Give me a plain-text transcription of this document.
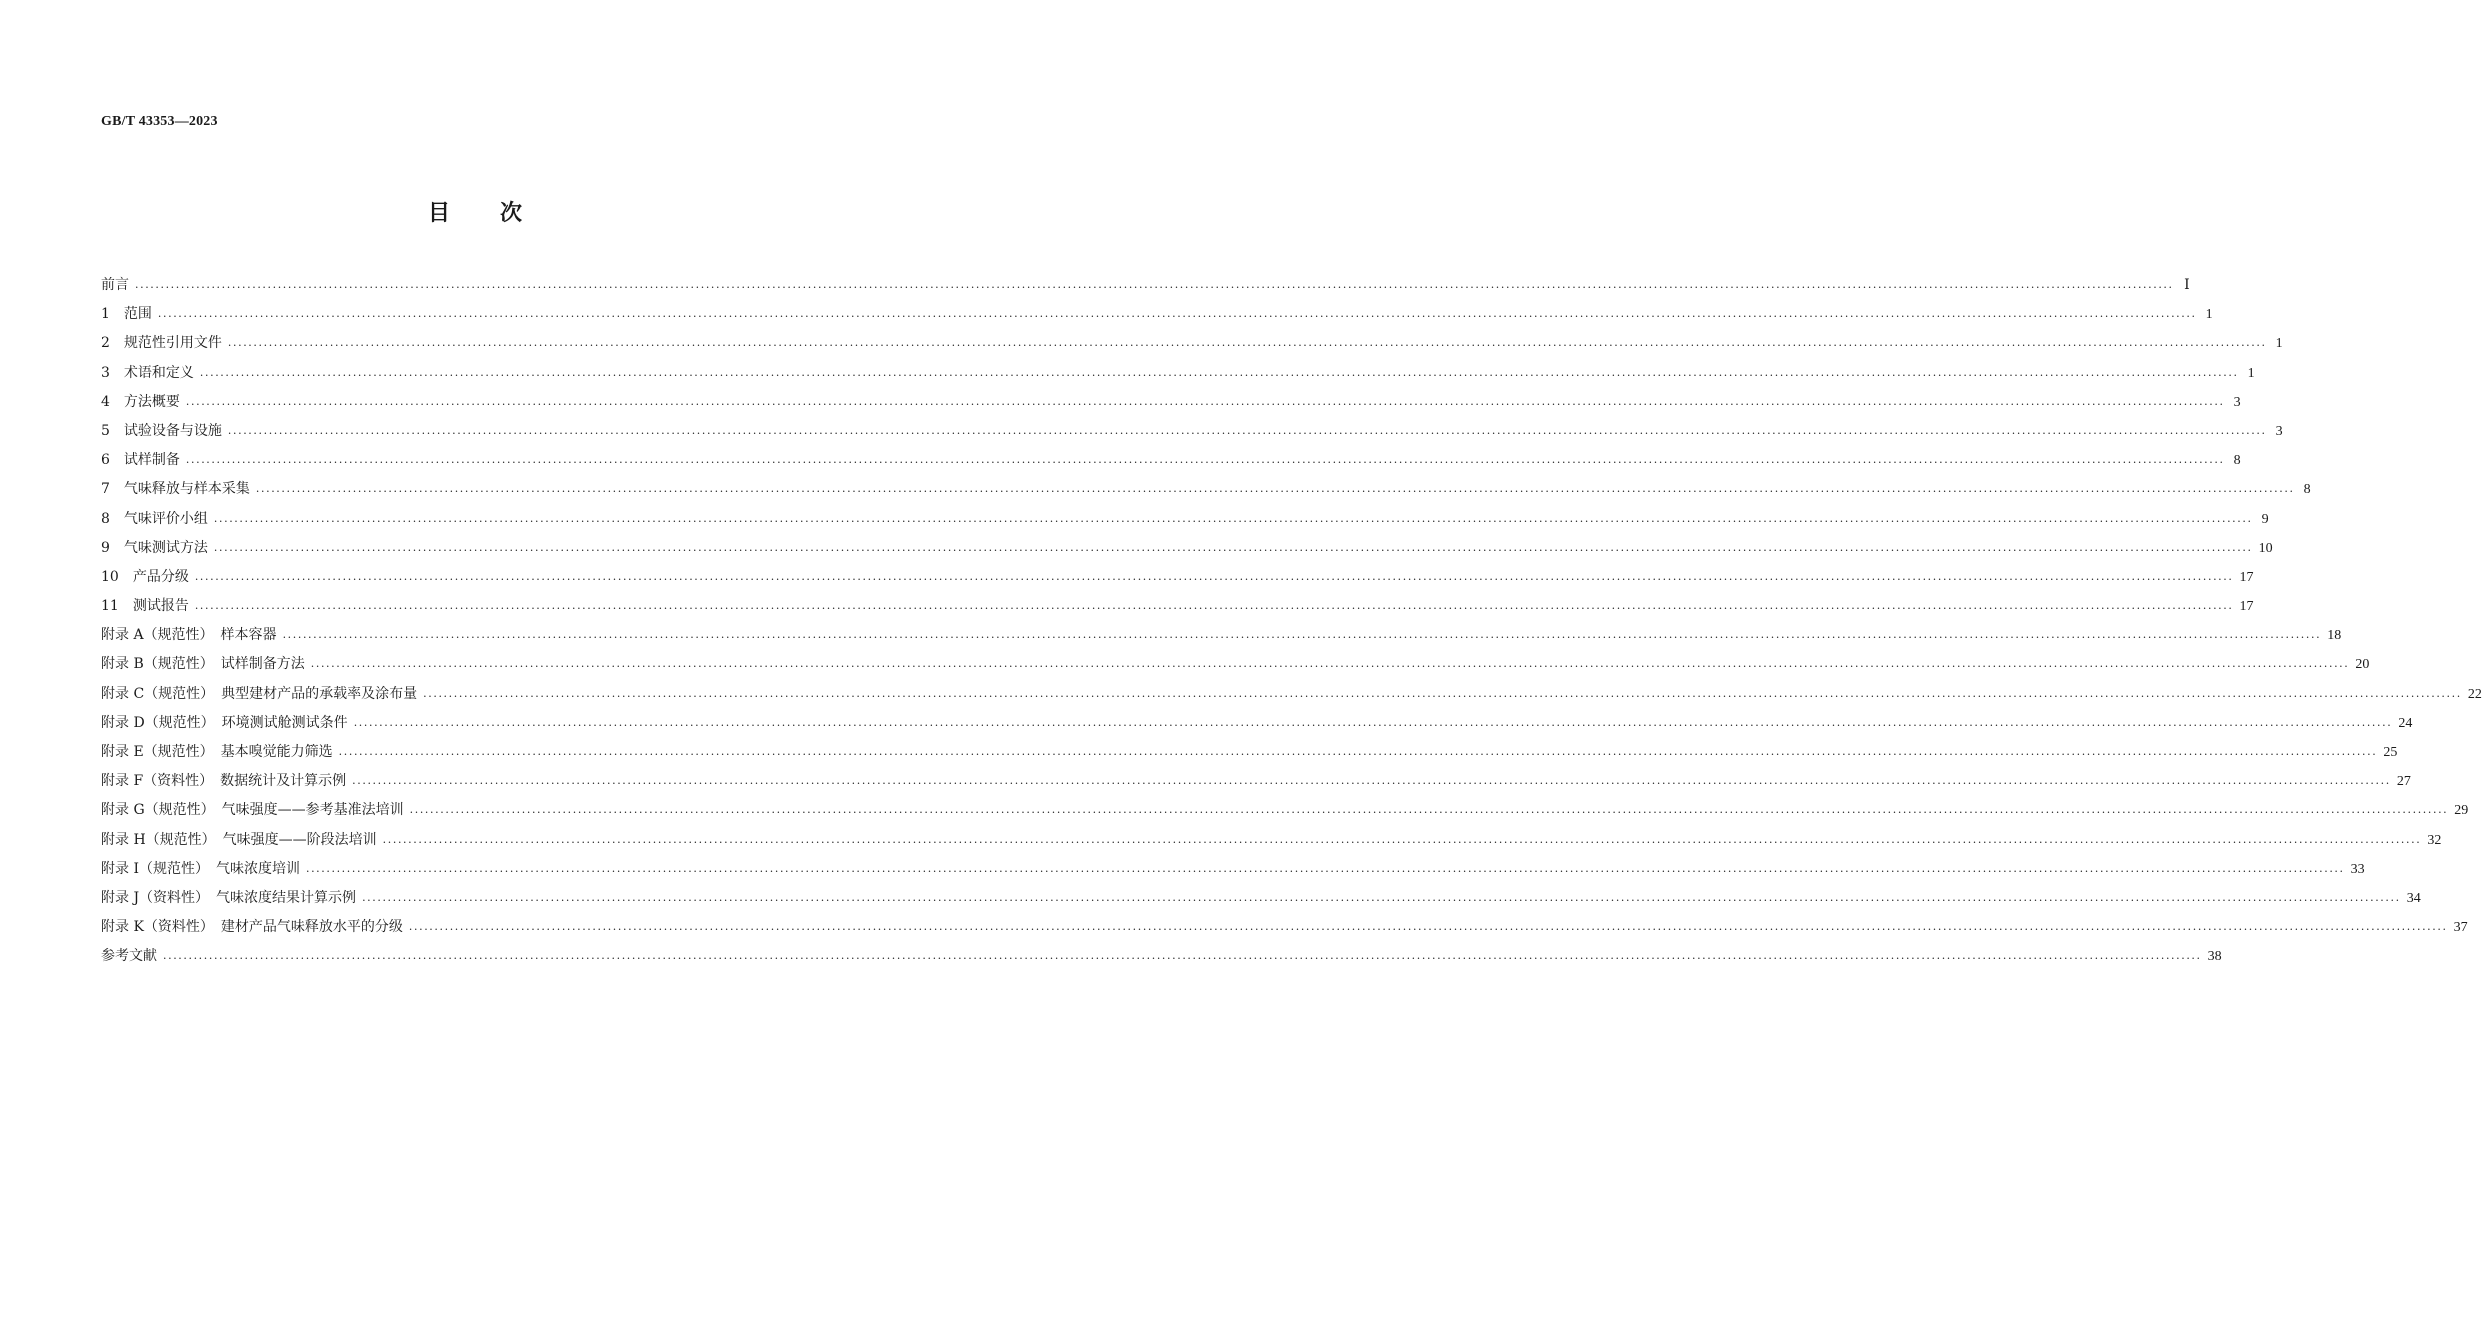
GB/T 43353—2023
目 次
前言 ················································································································································································································································································································································································································ Ⅰ
1　范围 ················································································································································································································································································································································································································ 1
2　规范性引用文件 ················································································································································································································································································································································································································ 1
3　术语和定义 ················································································································································································································································································································································································································ 1
4　方法概要 ················································································································································································································································································································································································································ 3
5　试验设备与设施 ················································································································································································································································································································································································································ 3
6　试样制备 ················································································································································································································································································································································································································ 8
7　气味释放与样本采集 ················································································································································································································································································································································································································ 8
8　气味评价小组 ················································································································································································································································································································································································································ 9
9　气味测试方法 ················································································································································································································································································································································································································ 10
10　产品分级 ················································································································································································································································································································································································································ 17
11　测试报告 ················································································································································································································································································································································································································ 17
附录 A（规范性）　样本容器 ················································································································································································································································································································································································································ 18
附录 B（规范性）　试样制备方法 ················································································································································································································································································································································································································ 20
附录 C（规范性）　典型建材产品的承载率及涂布量 ················································································································································································································································································································································································································ 22
附录 D（规范性）　环境测试舱测试条件 ················································································································································································································································································································································································································ 24
附录 E（规范性）　基本嗅觉能力筛选 ················································································································································································································································································································································································································ 25
附录 F（资料性）　数据统计及计算示例 ················································································································································································································································································································································································································ 27
附录 G（规范性）　气味强度——参考基准法培训 ················································································································································································································································································································································································································ 29
附录 H（规范性）　气味强度——阶段法培训 ················································································································································································································································································································································································································ 32
附录 I（规范性）　气味浓度培训 ················································································································································································································································································································································································································ 33
附录 J（资料性）　气味浓度结果计算示例 ················································································································································································································································································································································································································ 34
附录 K（资料性）　建材产品气味释放水平的分级 ················································································································································································································································································································································································································ 37
参考文献 ················································································································································································································································································································································································································ 38
